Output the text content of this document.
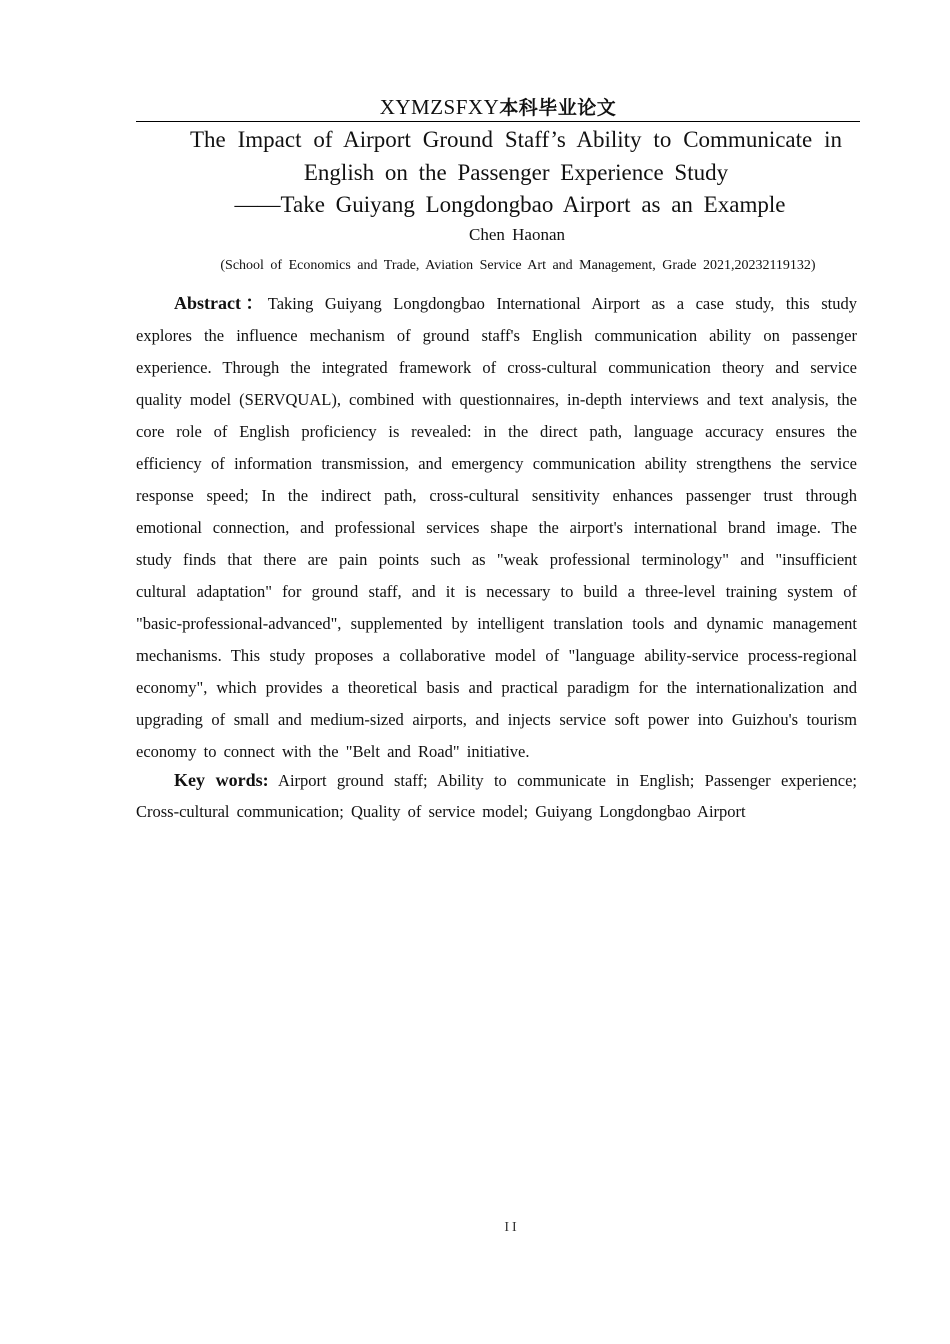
XYMZSFXY本科毕业论文
The Impact of Airport Ground Staff’s Ability to Communicate in
English on the Passenger Experience Study
——Take Guiyang Longdongbao Airport as an Example
Chen Haonan
(School of Economics and Trade, Aviation Service Art and Management, Grade 2021,20232119132)
Abstract：Taking Guiyang Longdongbao International Airport as a case study, this study explores the influence mechanism of ground staff's English communication ability on passenger experience. Through the integrated framework of cross-cultural communication theory and service quality model (SERVQUAL), combined with questionnaires, in-depth interviews and text analysis, the core role of English proficiency is revealed: in the direct path, language accuracy ensures the efficiency of information transmission, and emergency communication ability strengthens the service response speed; In the indirect path, cross-cultural sensitivity enhances passenger trust through emotional connection, and professional services shape the airport's international brand image. The study finds that there are pain points such as "weak professional terminology" and "insufficient cultural adaptation" for ground staff, and it is necessary to build a three-level training system of "basic-professional-advanced", supplemented by intelligent translation tools and dynamic management mechanisms. This study proposes a collaborative model of "language ability-service process-regional economy", which provides a theoretical basis and practical paradigm for the internationalization and upgrading of small and medium-sized airports, and injects service soft power into Guizhou's tourism economy to connect with the "Belt and Road" initiative.
Key words: Airport ground staff; Ability to communicate in English; Passenger experience; Cross-cultural communication; Quality of service model; Guiyang Longdongbao Airport
II
